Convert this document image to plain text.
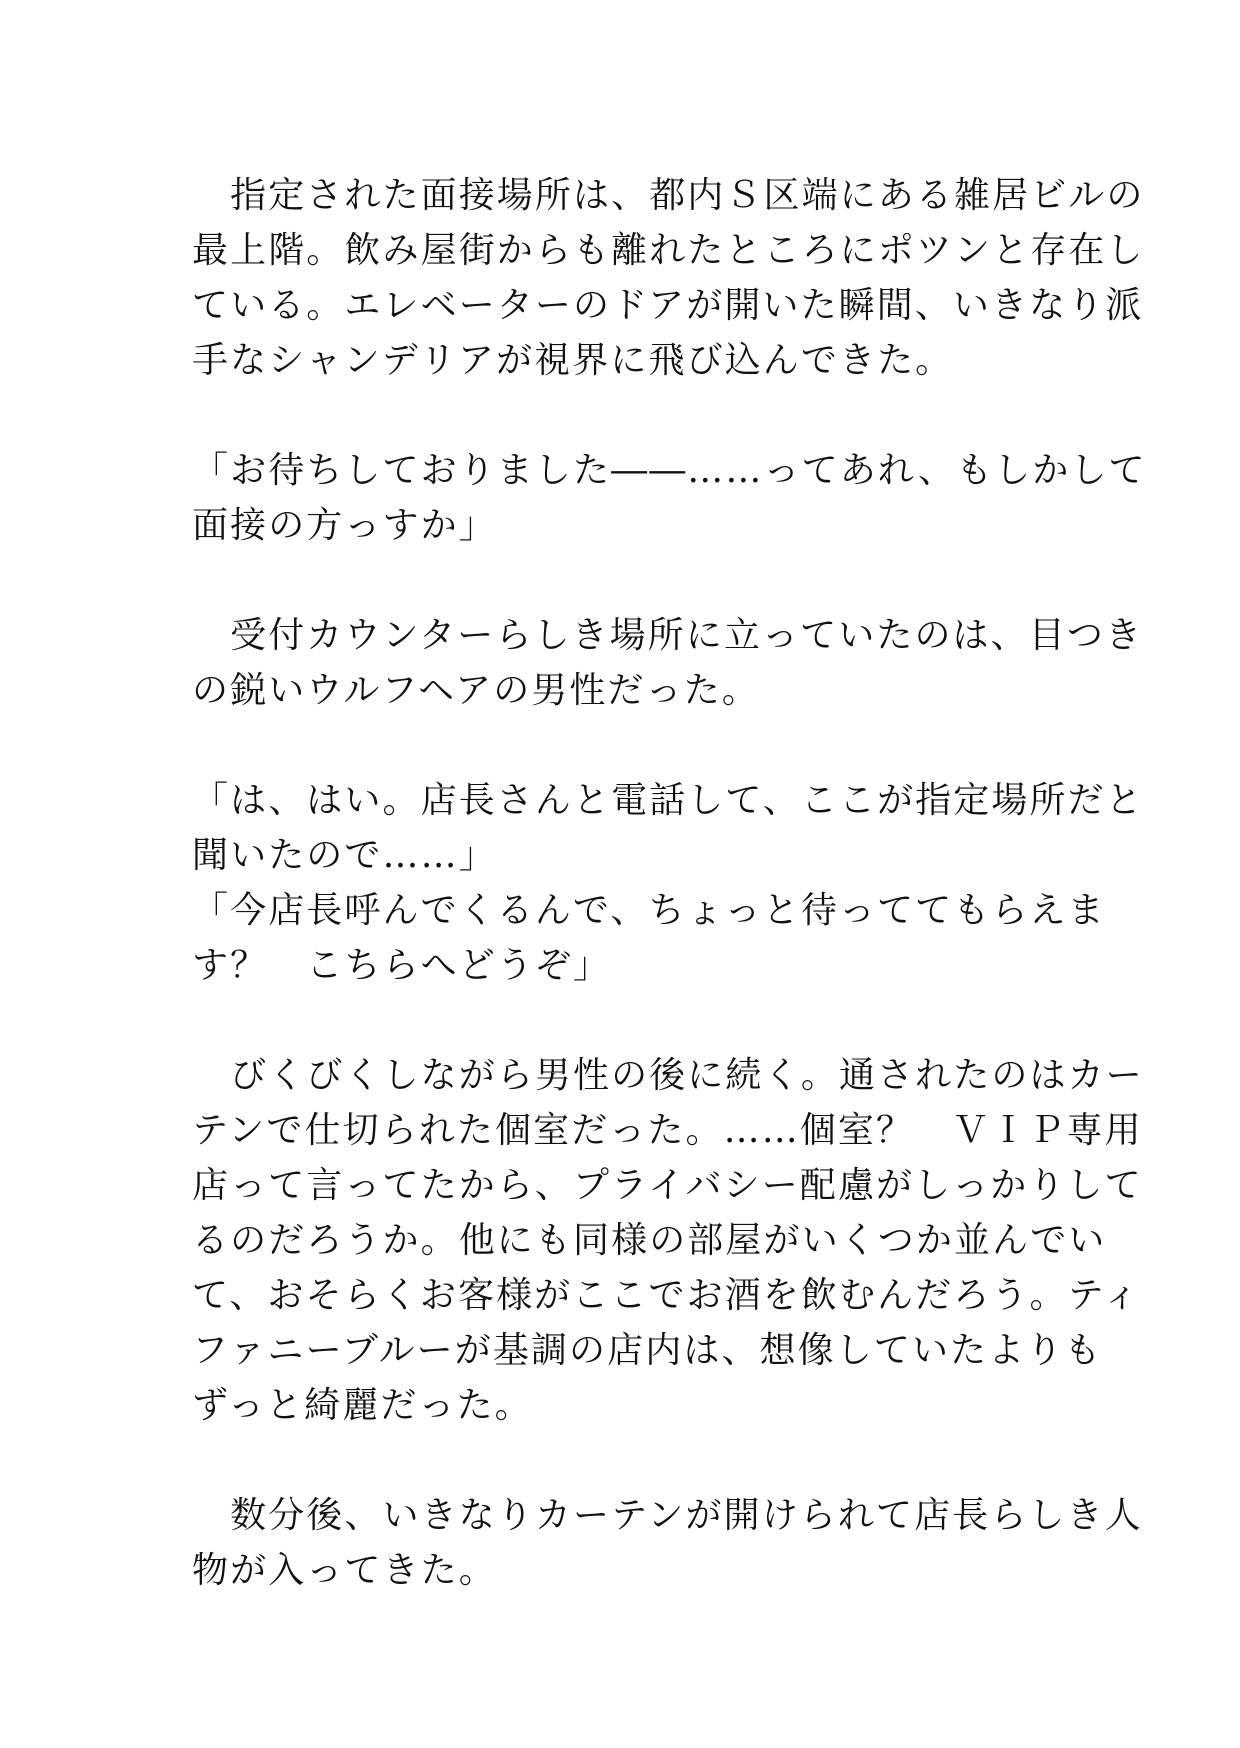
　指定された面接場所は、都内Ｓ区端にある雑居ビルの
最上階。飲み屋街からも離れたところにポツンと存在し
ている。エレベーターのドアが開いた瞬間、いきなり派
手なシャンデリアが視界に飛び込んできた。
「お待ちしておりました――……ってあれ、もしかして
面接の方っすか」
　受付カウンターらしき場所に立っていたのは、目つき
の鋭いウルフヘアの男性だった。
「は、はい。店長さんと電話して、ここが指定場所だと
聞いたので……」
「今店長呼んでくるんで、ちょっと待っててもらえま
す？　こちらへどうぞ」
　びくびくしながら男性の後に続く。通されたのはカー
テンで仕切られた個室だった。……個室？　ＶＩＰ専用
店って言ってたから、プライバシー配慮がしっかりして
るのだろうか。他にも同様の部屋がいくつか並んでい
て、おそらくお客様がここでお酒を飲むんだろう。ティ
ファニーブルーが基調の店内は、想像していたよりも
ずっと綺麗だった。
　数分後、いきなりカーテンが開けられて店長らしき人
物が入ってきた。
